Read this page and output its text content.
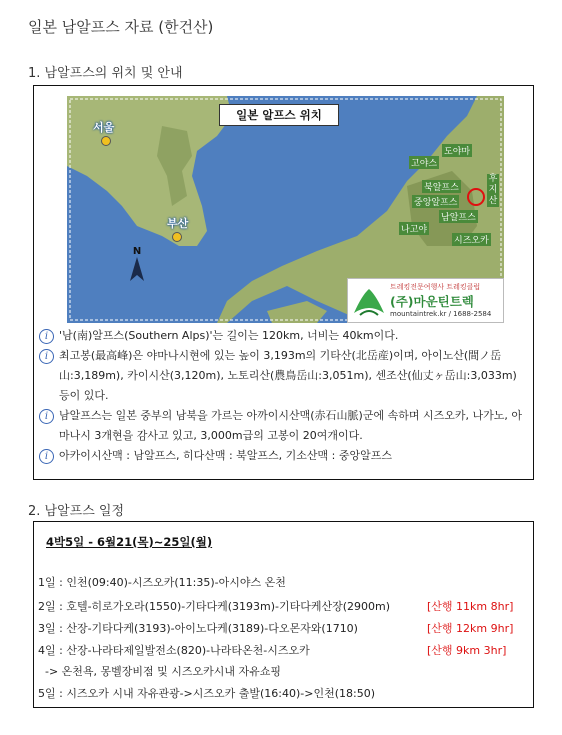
일본 남알프스 자료 (한건산)
1. 남알프스의 위치 및 안내
일본 알프스 위치
서울
부산
도야마
고야스
북알프스
중앙알프스
남알프스
나고야
시즈오카
후지산
N
트레킹전문여행사 트레킹클럽
(주)마운틴트렉
mountaintrek.kr / 1688-2584

i '남(南)알프스(Southern Alps)'는 길이는 120km, 너비는 40km이다.

i 최고봉(最高峰)은 야마나시현에 있는 높이 3,193m의 기타산(北岳産)이며, 아이노산(間ノ岳山:3,189m), 카이시산(3,120m), 노토리산(農鳥岳山:3,051m), 센조산(仙丈ヶ岳山:3,033m) 등이 있다.

i 남알프스는 일본 중부의 남북을 가르는 아까이시산맥(赤石山脈)군에 속하며 시즈오카, 나가노, 아마나시 3개현을 감사고 있고, 3,000m급의 고봉이 20여개이다.

i 아카이시산맥 : 남알프스, 히다산맥 : 북알프스, 기소산맥 : 중앙알프스

2. 남알프스 일정
4박5일 - 6월21(목)~25일(월)
1일 : 인천(09:40)-시즈오카(11:35)-아시야스 온천
2일 : 호텔-히로가오라(1550)-기타다케(3193m)-기타다케산장(2900m)	[산행 11km 8hr]
3일 : 산장-기타다케(3193)-아이노다케(3189)-다오몬자와(1710)	[산행 12km 9hr]
4일 : 산장-나라타제일발전소(820)-나라타온천-시즈오카	[산행 9km 3hr]
-> 온천욕, 몽벨장비점 및 시즈오카시내 자유쇼핑
5일 : 시즈오카 시내 자유관광->시즈오카 출발(16:40)->인천(18:50)
